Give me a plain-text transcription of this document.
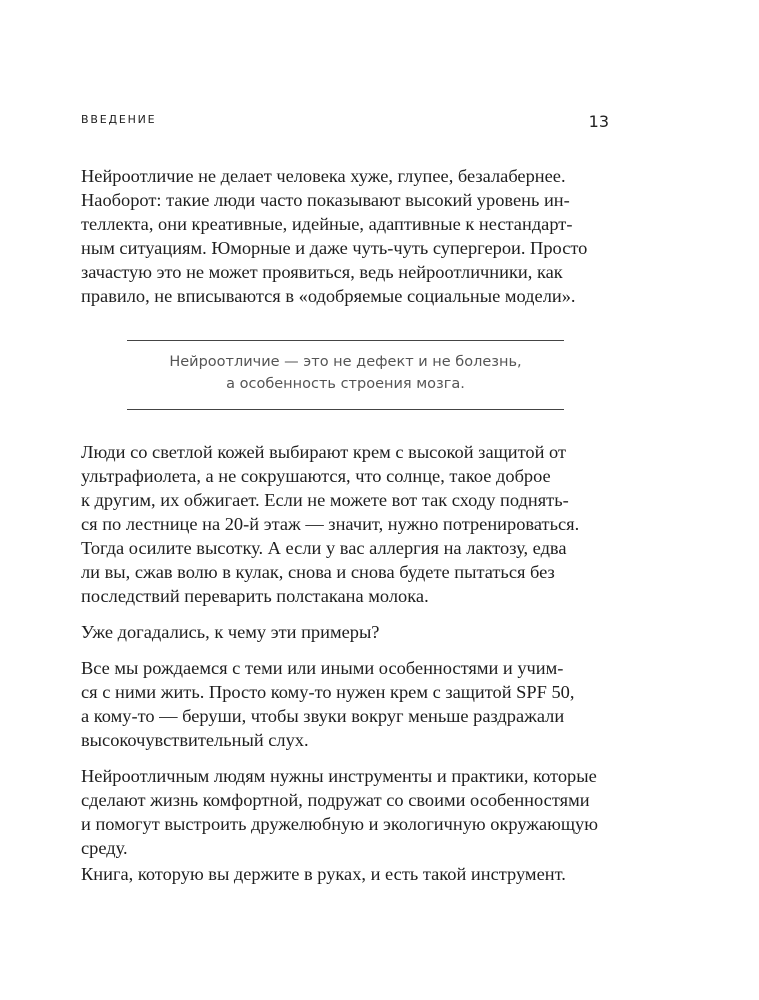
ВВЕДЕНИЕ	13

Нейроотличие не делает человека хуже, глупее, безалабернее.
Наоборот: такие люди часто показывают высокий уровень ин-
теллекта, они креативные, идейные, адаптивные к нестандарт-
ным ситуациям. Юморные и даже чуть-чуть супергерои. Просто
зачастую это не может проявиться, ведь нейроотличники, как
правило, не вписываются в «одобряемые социальные модели».

Нейроотличие — это не дефект и не болезнь,
а особенность строения мозга.

Люди со светлой кожей выбирают крем с высокой защитой от
ультрафиолета, а не сокрушаются, что солнце, такое доброе
к другим, их обжигает. Если не можете вот так сходу поднять-
ся по лестнице на 20-й этаж — значит, нужно потренироваться.
Тогда осилите высотку. А если у вас аллергия на лактозу, едва
ли вы, сжав волю в кулак, снова и снова будете пытаться без
последствий переварить полстакана молока.

Уже догадались, к чему эти примеры?

Все мы рождаемся с теми или иными особенностями и учим-
ся с ними жить. Просто кому-то нужен крем с защитой SPF 50,
а кому-то — беруши, чтобы звуки вокруг меньше раздражали
высокочувствительный слух.

Нейроотличным людям нужны инструменты и практики, которые
сделают жизнь комфортной, подружат со своими особенностями
и помогут выстроить дружелюбную и экологичную окружающую
среду.

Книга, которую вы держите в руках, и есть такой инструмент.
